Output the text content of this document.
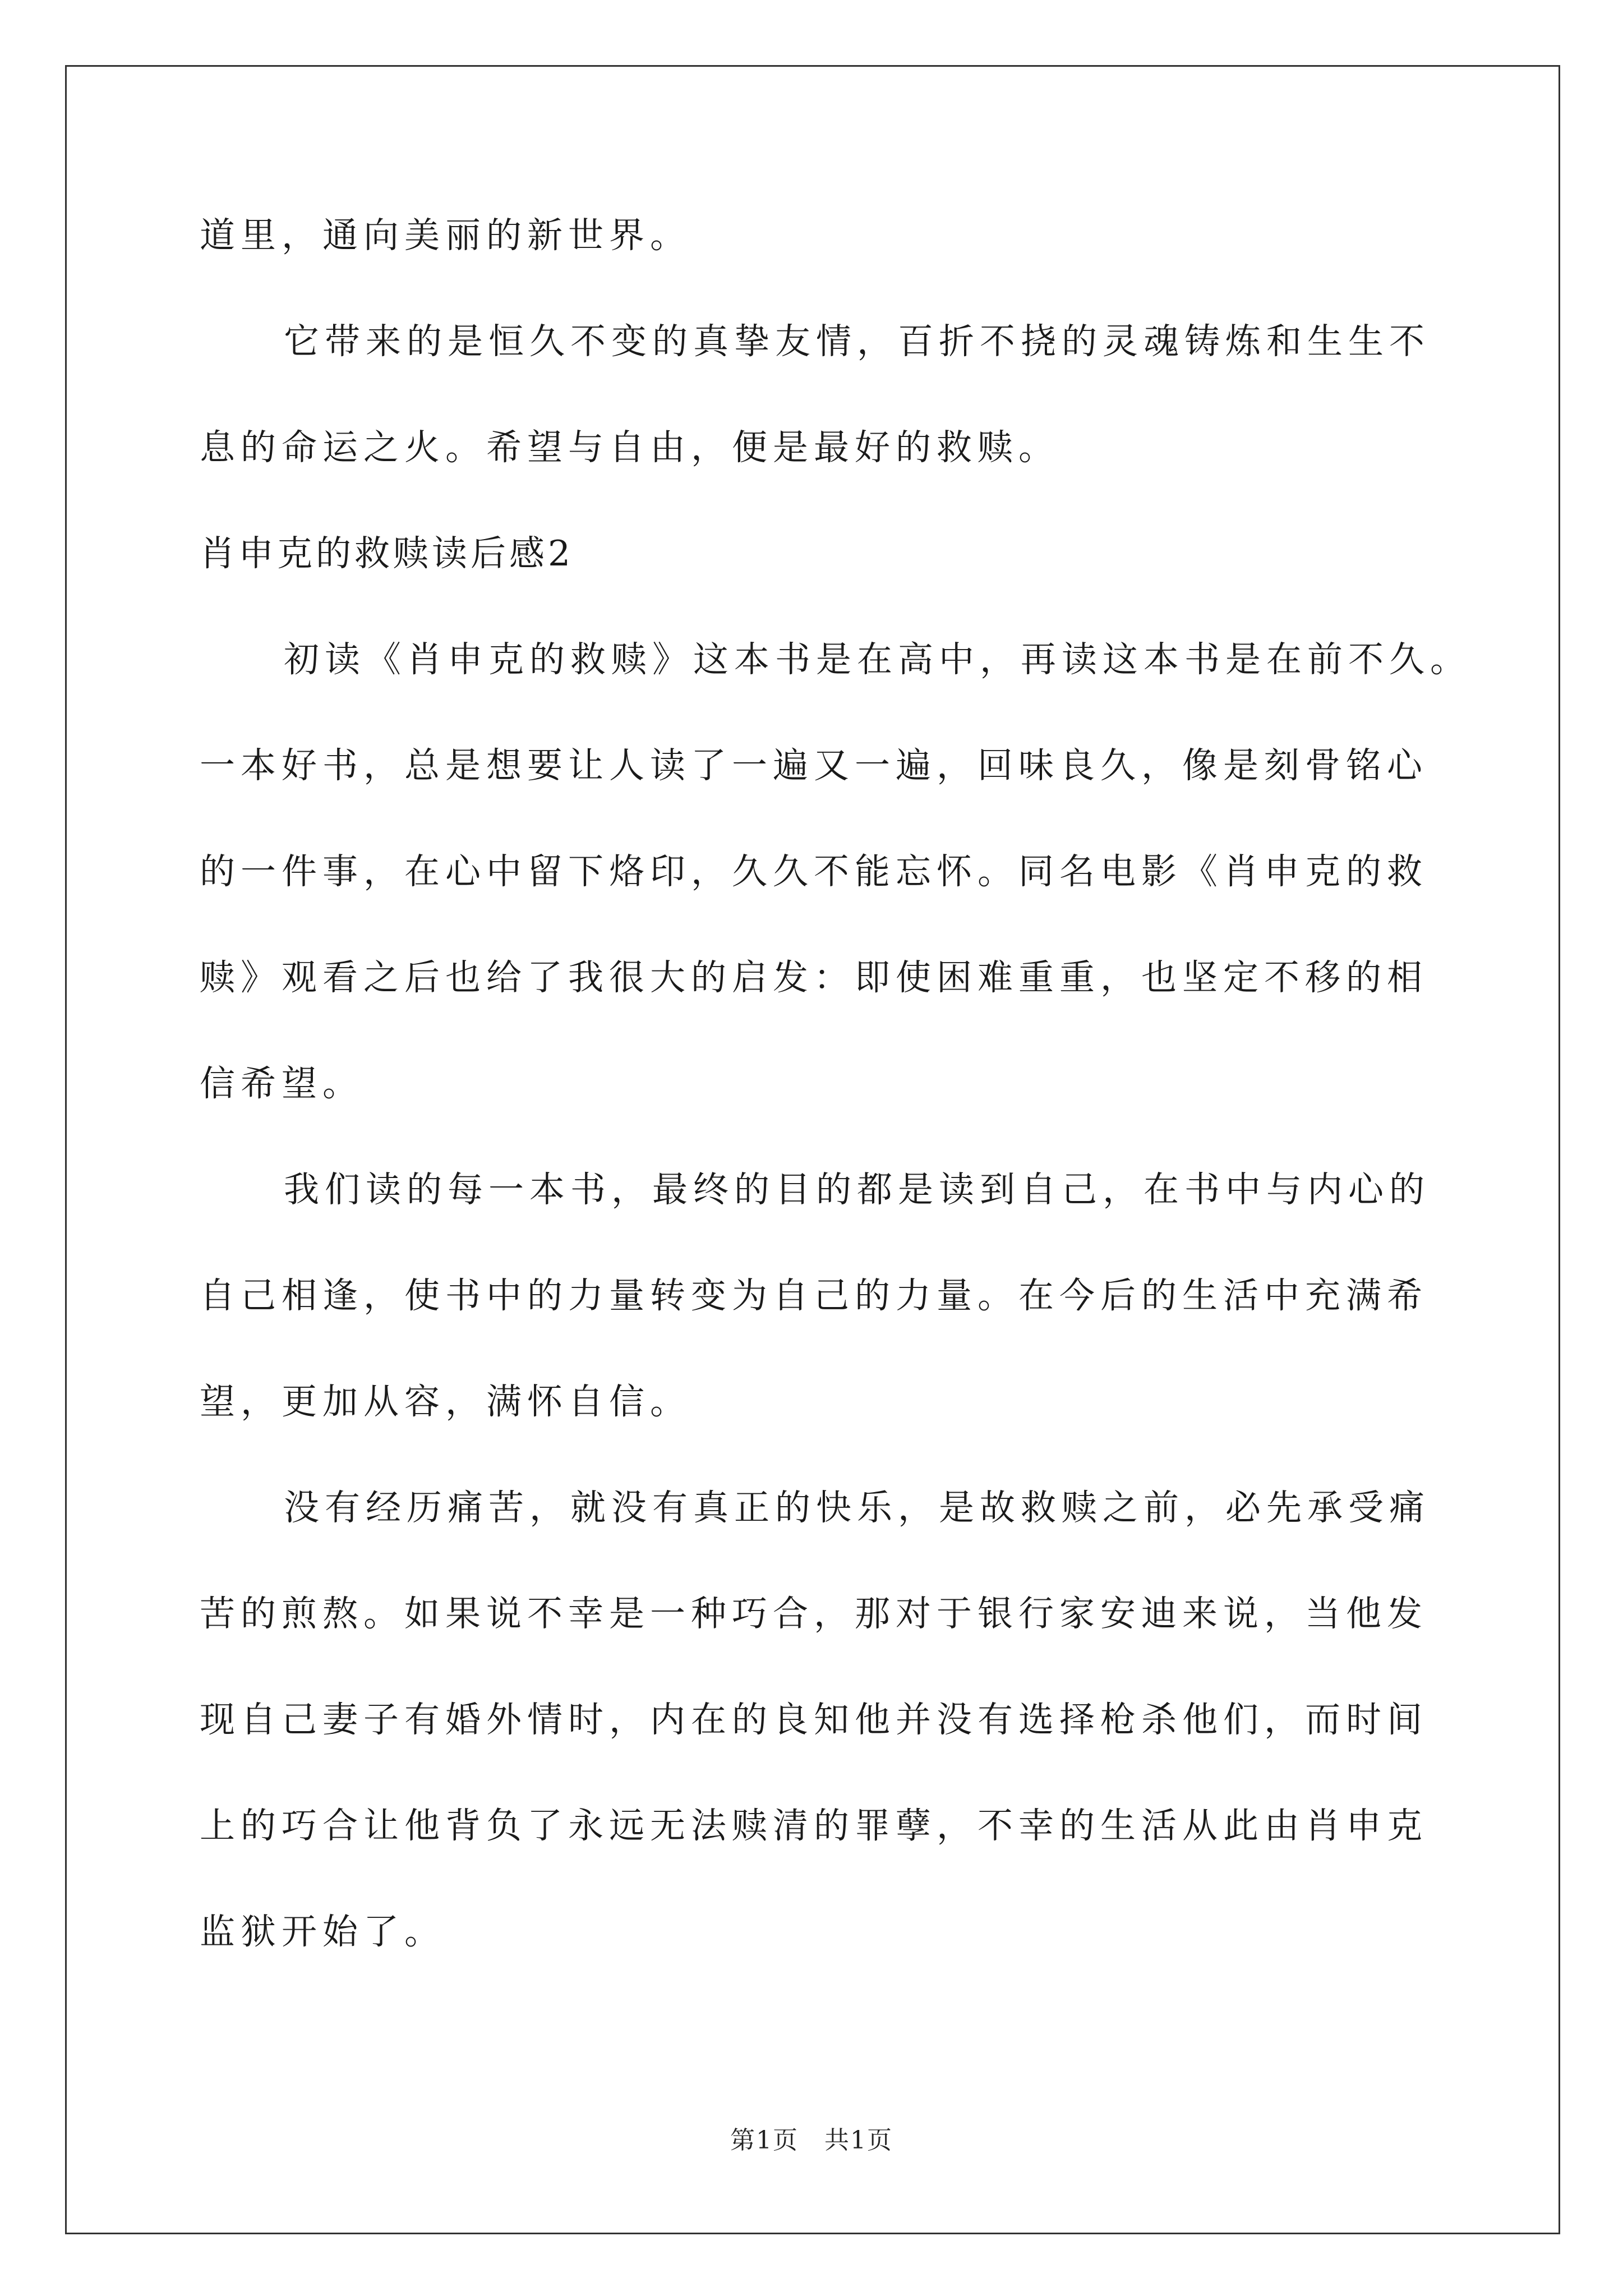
道里，通向美丽的新世界。
它带来的是恒久不变的真挚友情，百折不挠的灵魂铸炼和生生不
息的命运之火。希望与自由，便是最好的救赎。
肖申克的救赎读后感2
初读《肖申克的救赎》这本书是在高中，再读这本书是在前不久。
一本好书，总是想要让人读了一遍又一遍，回味良久，像是刻骨铭心
的一件事，在心中留下烙印，久久不能忘怀。同名电影《肖申克的救
赎》观看之后也给了我很大的启发：即使困难重重，也坚定不移的相
信希望。
我们读的每一本书，最终的目的都是读到自己，在书中与内心的
自己相逢，使书中的力量转变为自己的力量。在今后的生活中充满希
望，更加从容，满怀自信。
没有经历痛苦，就没有真正的快乐，是故救赎之前，必先承受痛
苦的煎熬。如果说不幸是一种巧合，那对于银行家安迪来说，当他发
现自己妻子有婚外情时，内在的良知他并没有选择枪杀他们，而时间
上的巧合让他背负了永远无法赎清的罪孽，不幸的生活从此由肖申克
监狱开始了。
第1页　共1页
